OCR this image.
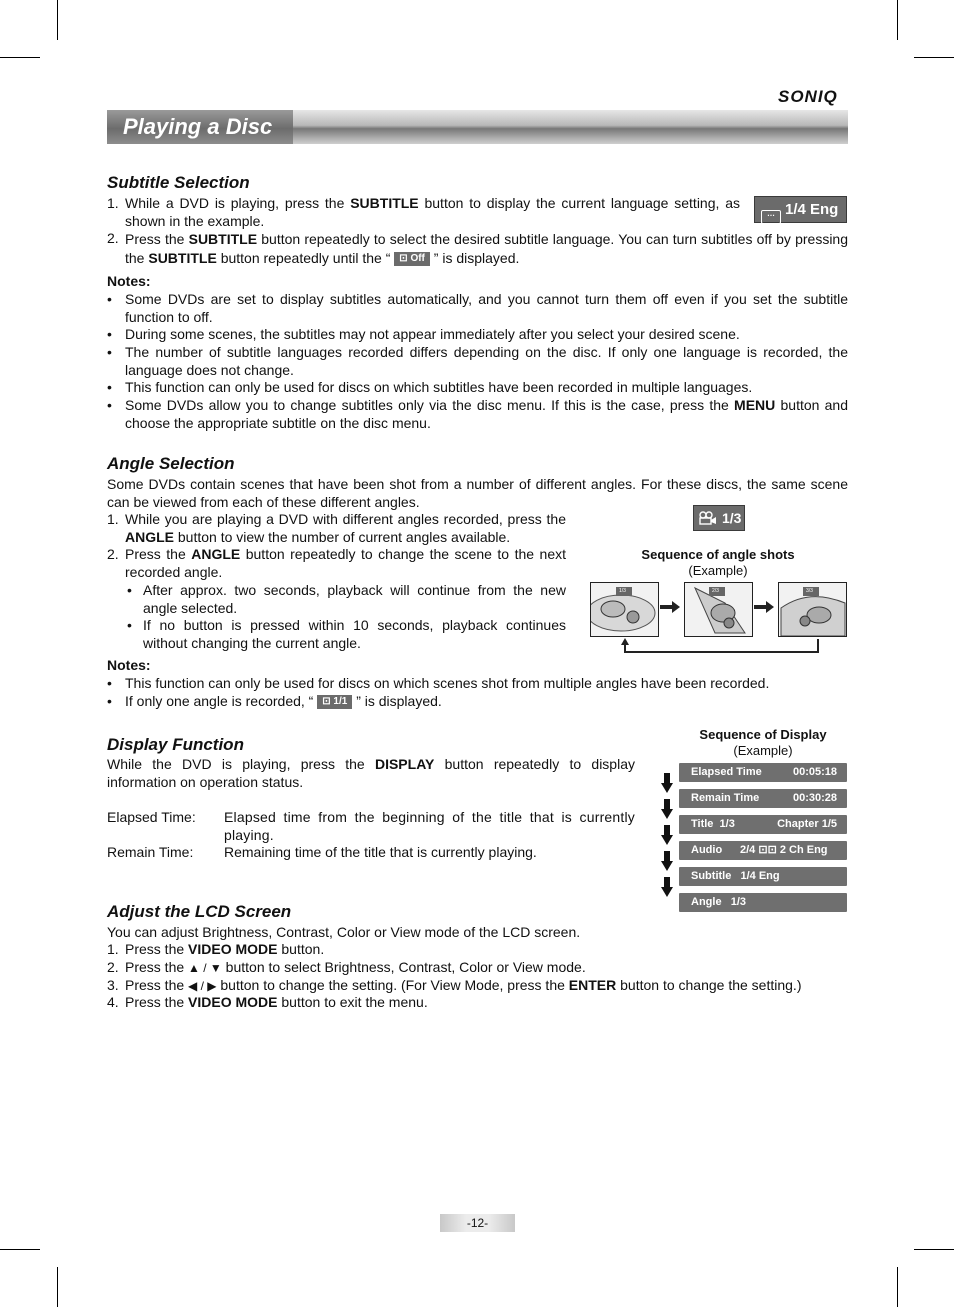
SONIQ
Playing a Disc
Subtitle Selection
… 1/4 Eng
1. While a DVD is playing, press the SUBTITLE button to display the current language setting, as shown in the example.
2. Press the SUBTITLE button repeatedly to select the desired subtitle language. You can turn subtitles off by pressing the SUBTITLE button repeatedly until the “ ⊡ Off ” is displayed.
Notes:
• Some DVDs are set to display subtitles automatically, and you cannot turn them off even if you set the subtitle function to off.
• During some scenes, the subtitles may not appear immediately after you select your desired scene.
• The number of subtitle languages recorded differs depending on the disc. If only one language is recorded, the language does not change.
• This function can only be used for discs on which subtitles have been recorded in multiple languages.
• Some DVDs allow you to change subtitles only via the disc menu. If this is the case, press the MENU button and choose the appropriate subtitle on the disc menu.
Angle Selection
Some DVDs contain scenes that have been shot from a number of different angles. For these discs, the same scene can be viewed from each of these different angles.
1. While you are playing a DVD with different angles recorded, press the ANGLE button to view the number of current angles available.
2. Press the ANGLE button repeatedly to change the scene to the next recorded angle.
• After approx. two seconds, playback will continue from the new angle selected.
• If no button is pressed within 10 seconds, playback continues without changing the current angle.
1/3
Sequence of angle shots
(Example)
1/3	2/3	3/3
Notes:
• This function can only be used for discs on which scenes shot from multiple angles have been recorded.
• If only one angle is recorded, “ ⊡ 1/1 ” is displayed.
Display Function
While the DVD is playing, press the DISPLAY button repeatedly to display information on operation status.
Elapsed Time: Elapsed time from the beginning of the title that is currently playing.
Remain Time: Remaining time of the title that is currently playing.
Sequence of Display
(Example)
Elapsed Time	00:05:18
Remain Time	00:30:28
Title  1/3	Chapter 1/5
Audio 2/4 ⊡⊡ 2 Ch Eng
Subtitle   1/4 Eng
Angle   1/3
Adjust the LCD Screen
You can adjust Brightness, Contrast, Color or View mode of the LCD screen.
1. Press the VIDEO MODE button.
2. Press the ▲ / ▼ button to select Brightness, Contrast, Color or View mode.
3. Press the ◀ / ▶ button to change the setting. (For View Mode, press the ENTER button to change the setting.)
4. Press the VIDEO MODE button to exit the menu.
-12-
